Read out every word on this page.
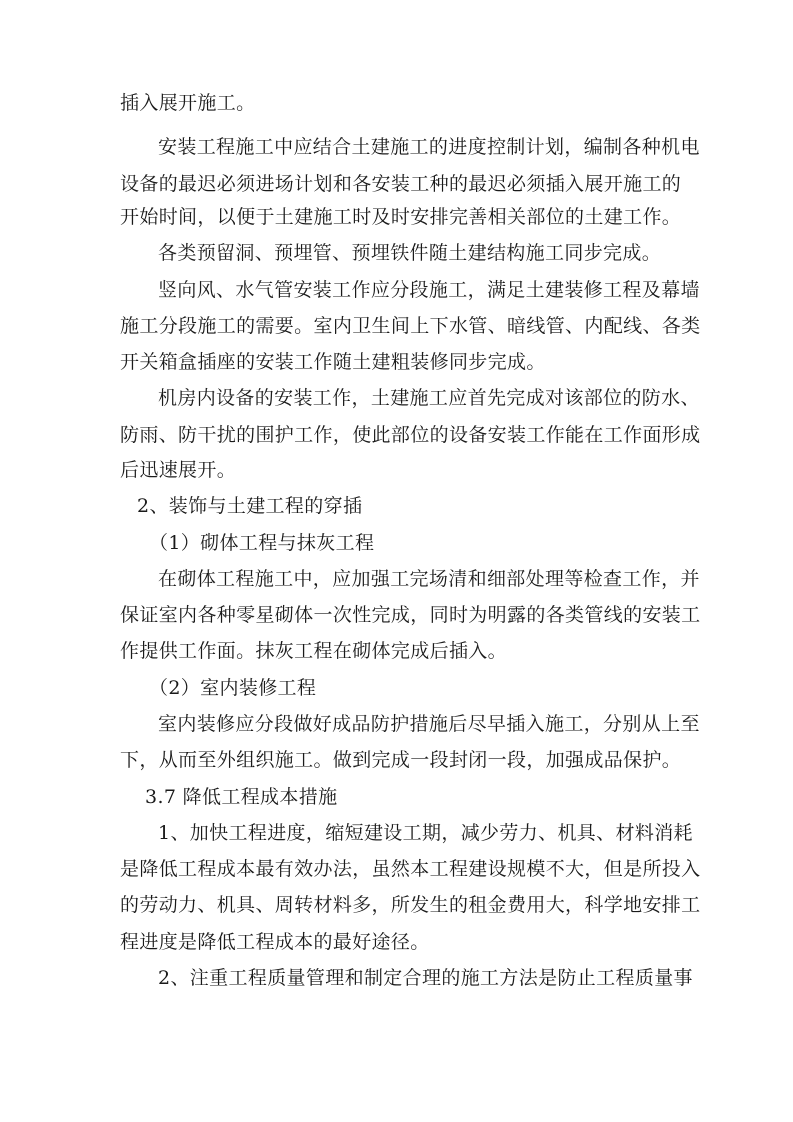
插入展开施工。
安装工程施工中应结合土建施工的进度控制计划，编制各种机电
设备的最迟必须进场计划和各安装工种的最迟必须插入展开施工的
开始时间，以便于土建施工时及时安排完善相关部位的土建工作。
各类预留洞、预埋管、预埋铁件随土建结构施工同步完成。
竖向风、水气管安装工作应分段施工，满足土建装修工程及幕墙
施工分段施工的需要。室内卫生间上下水管、暗线管、内配线、各类
开关箱盒插座的安装工作随土建粗装修同步完成。
机房内设备的安装工作，土建施工应首先完成对该部位的防水、
防雨、防干扰的围护工作，使此部位的设备安装工作能在工作面形成
后迅速展开。
2、装饰与土建工程的穿插
（1）砌体工程与抹灰工程
在砌体工程施工中，应加强工完场清和细部处理等检查工作，并
保证室内各种零星砌体一次性完成，同时为明露的各类管线的安装工
作提供工作面。抹灰工程在砌体完成后插入。
（2）室内装修工程
室内装修应分段做好成品防护措施后尽早插入施工，分别从上至
下，从而至外组织施工。做到完成一段封闭一段，加强成品保护。
3.7 降低工程成本措施
1、加快工程进度，缩短建设工期，减少劳力、机具、材料消耗
是降低工程成本最有效办法，虽然本工程建设规模不大，但是所投入
的劳动力、机具、周转材料多，所发生的租金费用大，科学地安排工
程进度是降低工程成本的最好途径。
2、注重工程质量管理和制定合理的施工方法是防止工程质量事
